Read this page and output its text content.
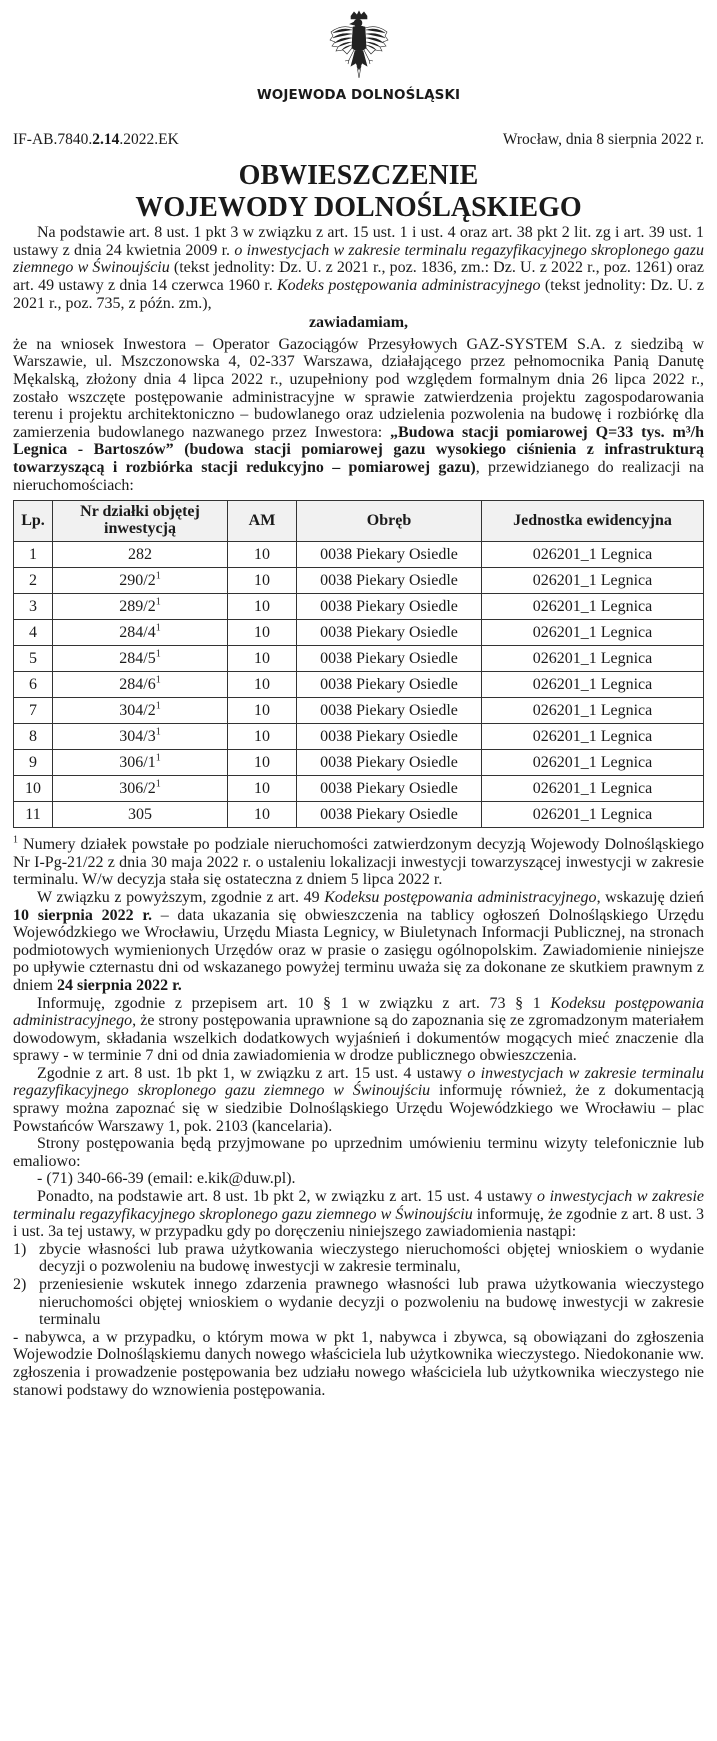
WOJEWODA DOLNOŚLĄSKI
IF-AB.7840.2.14.2022.EK	Wrocław, dnia 8 sierpnia 2022 r.
OBWIESZCZENIE
WOJEWODY DOLNOŚLĄSKIEGO

Na podstawie art. 8 ust. 1 pkt 3 w związku z art. 15 ust. 1 i ust. 4 oraz art. 38 pkt 2 lit. zg i art. 39 ust. 1 ustawy z dnia 24 kwietnia 2009 r. o inwestycjach w zakresie terminalu regazyfikacyjnego skroplonego gazu ziemnego w Świnoujściu (tekst jednolity: Dz. U. z 2021 r., poz. 1836, zm.: Dz. U. z 2022 r., poz. 1261) oraz art. 49 ustawy z dnia 14 czerwca 1960 r. Kodeks postępowania administracyjnego (tekst jednolity: Dz. U. z 2021 r., poz. 735, z późn. zm.),

zawiadamiam,

że na wniosek Inwestora – Operator Gazociągów Przesyłowych GAZ-SYSTEM S.A. z siedzibą w Warszawie, ul. Mszczonowska 4, 02-337 Warszawa, działającego przez pełnomocnika Panią Danutę Mękalską, złożony dnia 4 lipca 2022 r., uzupełniony pod względem formalnym dnia 26 lipca 2022 r., zostało wszczęte postępowanie administracyjne w sprawie zatwierdzenia projektu zagospodarowania terenu i projektu architektoniczno – budowlanego oraz udzielenia pozwolenia na budowę i rozbiórkę dla zamierzenia budowlanego nazwanego przez Inwestora: „Budowa stacji pomiarowej Q=33 tys. m³/h Legnica - Bartoszów” (budowa stacji pomiarowej gazu wysokiego ciśnienia z infrastrukturą towarzyszącą i rozbiórka stacji redukcyjno – pomiarowej gazu), przewidzianego do realizacji na nieruchomościach:

Lp.	Nr działki objętej inwestycją	AM	Obręb	Jednostka ewidencyjna
1	282	10	0038 Piekary Osiedle	026201_1 Legnica
2	$290/2^1$	10	0038 Piekary Osiedle	026201_1 Legnica
3	$289/2^1$	10	0038 Piekary Osiedle	026201_1 Legnica
4	$284/4^1$	10	0038 Piekary Osiedle	026201_1 Legnica
5	$284/5^1$	10	0038 Piekary Osiedle	026201_1 Legnica
6	$284/6^1$	10	0038 Piekary Osiedle	026201_1 Legnica
7	$304/2^1$	10	0038 Piekary Osiedle	026201_1 Legnica
8	$304/3^1$	10	0038 Piekary Osiedle	026201_1 Legnica
9	$306/1^1$	10	0038 Piekary Osiedle	026201_1 Legnica
10	$306/2^1$	10	0038 Piekary Osiedle	026201_1 Legnica
11	305	10	0038 Piekary Osiedle	026201_1 Legnica

$^1$ Numery działek powstałe po podziale nieruchomości zatwierdzonym decyzją Wojewody Dolnośląskiego Nr I-Pg-21/22 z dnia 30 maja 2022 r. o ustaleniu lokalizacji inwestycji towarzyszącej inwestycji w zakresie terminalu. W/w decyzja stała się ostateczna z dniem 5 lipca 2022 r.

W związku z powyższym, zgodnie z art. 49 Kodeksu postępowania administracyjnego, wskazuję dzień 10 sierpnia 2022 r. – data ukazania się obwieszczenia na tablicy ogłoszeń Dolnośląskiego Urzędu Wojewódzkiego we Wrocławiu, Urzędu Miasta Legnicy, w Biuletynach Informacji Publicznej, na stronach podmiotowych wymienionych Urzędów oraz w prasie o zasięgu ogólnopolskim. Zawiadomienie niniejsze po upływie czternastu dni od wskazanego powyżej terminu uważa się za dokonane ze skutkiem prawnym z dniem 24 sierpnia 2022 r.

Informuję, zgodnie z przepisem art. 10 § 1 w związku z art. 73 § 1 Kodeksu postępowania administracyjnego, że strony postępowania uprawnione są do zapoznania się ze zgromadzonym materiałem dowodowym, składania wszelkich dodatkowych wyjaśnień i dokumentów mogących mieć znaczenie dla sprawy - w terminie 7 dni od dnia zawiadomienia w drodze publicznego obwieszczenia.

Zgodnie z art. 8 ust. 1b pkt 1, w związku z art. 15 ust. 4 ustawy o inwestycjach w zakresie terminalu regazyfikacyjnego skroplonego gazu ziemnego w Świnoujściu informuję również, że z dokumentacją sprawy można zapoznać się w siedzibie Dolnośląskiego Urzędu Wojewódzkiego we Wrocławiu – plac Powstańców Warszawy 1, pok. 2103 (kancelaria).

Strony postępowania będą przyjmowane po uprzednim umówieniu terminu wizyty telefonicznie lub emaliowo:

- (71) 340-66-39 (email: e.kik@duw.pl).

Ponadto, na podstawie art. 8 ust. 1b pkt 2, w związku z art. 15 ust. 4 ustawy o inwestycjach w zakresie terminalu regazyfikacyjnego skroplonego gazu ziemnego w Świnoujściu informuję, że zgodnie z art. 8 ust. 3 i ust. 3a tej ustawy, w przypadku gdy po doręczeniu niniejszego zawiadomienia nastąpi:

1) zbycie własności lub prawa użytkowania wieczystego nieruchomości objętej wnioskiem o wydanie decyzji o pozwoleniu na budowę inwestycji w zakresie terminalu,
2) przeniesienie wskutek innego zdarzenia prawnego własności lub prawa użytkowania wieczystego nieruchomości objętej wnioskiem o wydanie decyzji o pozwoleniu na budowę inwestycji w zakresie terminalu

- nabywca, a w przypadku, o którym mowa w pkt 1, nabywca i zbywca, są obowiązani do zgłoszenia Wojewodzie Dolnośląskiemu danych nowego właściciela lub użytkownika wieczystego. Niedokonanie ww. zgłoszenia i prowadzenie postępowania bez udziału nowego właściciela lub użytkownika wieczystego nie stanowi podstawy do wznowienia postępowania.
